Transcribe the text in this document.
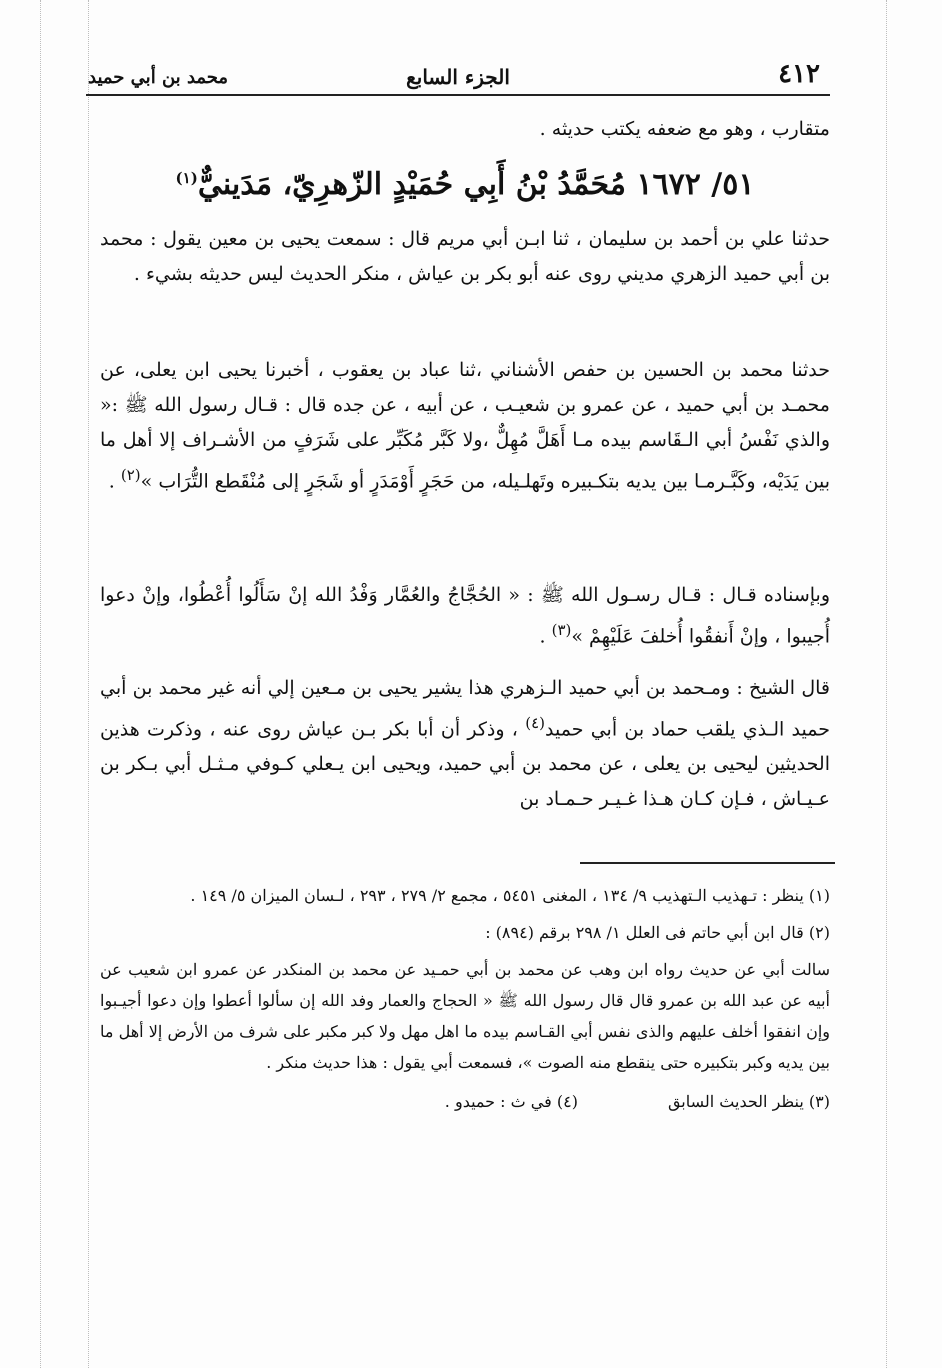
٤١٢
الجزء السابع
محمد بن أبي حميد

متقارب ، وهو مع ضعفه يكتب حديثه .

٥١/ ١٦٧٢ مُحَمَّدُ بْنُ أَبِي حُمَيْدٍ الزّهرِيّ، مَدَينيٌّ$^{(١)}$

حدثنا علي بن أحمد بن سليمان ، ثنا ابـن أبي مريم قال : سمعت يحيى بن معين يقول : محمد بن أبي حميد الزهري مديني روى عنه أبو بكر بن عياش ، منكر الحديث ليس حديثه بشيء .

حدثنا محمد بن الحسين بن حفص الأشناني ،ثنا عباد بن يعقوب ، أخبرنا يحيى ابن يعلى، عن محمـد بن أبي حميد ، عن عمرو بن شعيـب ، عن أبيه ، عن جده قال : قـال رسول الله ﷺ :« والذي نَفْسُ أبي الـقَاسم بيده مـا أَهَلَّ مُهِلٌّ ،ولا كَبَّر مُكَبِّر على شَرَفٍ من الأشـراف إلا أهل ما بين يَدَيْه، وكَبَّـرمـا بين يديه بتكـبيره وتَهلـيله، من حَجَرٍ أَوْمَدَرٍ أو شَجَرٍ إلى مُنْقَطع التُّرَاب »$^{(٢)}$ .

وبإسناده قـال : قـال رسـول الله ﷺ : « الحُجَّاجُ والعُمَّار وَفْدُ الله إنْ سَأَلُوا أُعْطُوا، وإنْ دعوا أُجيبوا ، وإنْ أَنفقُوا أُخلفَ عَلَيْهِمْ »$^{(٣)}$ .

قال الشيخ : ومـحمد بن أبي حميد الـزهري هذا يشير يحيى بن مـعين إلي أنه غير محمد بن أبي حميد الـذي يلقب حماد بن أبي حميد$^{(٤)}$ ، وذكر أن أبا بكر بـن عياش روى عنه ، وذكرت هذين الحديثين ليحيى بن يعلى ، عن محمد بن أبي حميد، ويحيى ابن يـعلي كـوفي مـثـل أبي بـكر بن عـيـاش ، فـإن كـان هـذا غـيـر حـمـاد بن

(١) ينظر : تـهذيب الـتهذيب ٩/ ١٣٤ ، المغنى ٥٤٥١ ، مجمع ٢/ ٢٧٩ ، ٢٩٣ ، لـسان الميزان ٥/ ١٤٩ .

(٢) قال ابن أبي حاتم فى العلل ١/ ٢٩٨ برقم (٨٩٤) :

سالت أبي عن حديث رواه ابن وهب عن محمد بن أبي حمـيد عن محمد بن المنكدر عن عمرو ابن شعيب عن أبيه عن عبد الله بن عمرو قال قال رسول الله ﷺ « الحجاج والعمار وفد الله إن سألوا أعطوا وإن دعوا أجيـبوا وإن انفقوا أخلف عليهم والذى نفس أبي القـاسم بيده ما اهل مهل ولا كبر مكبر على شرف من الأرض إلا أهل ما بين يديه وكبر بتكبيره حتى ينقطع منه الصوت »، فسمعت أبي يقول : هذا حديث منكر .

(٣) ينظر الحديث السابق
(٤) في ث : حميدو .
